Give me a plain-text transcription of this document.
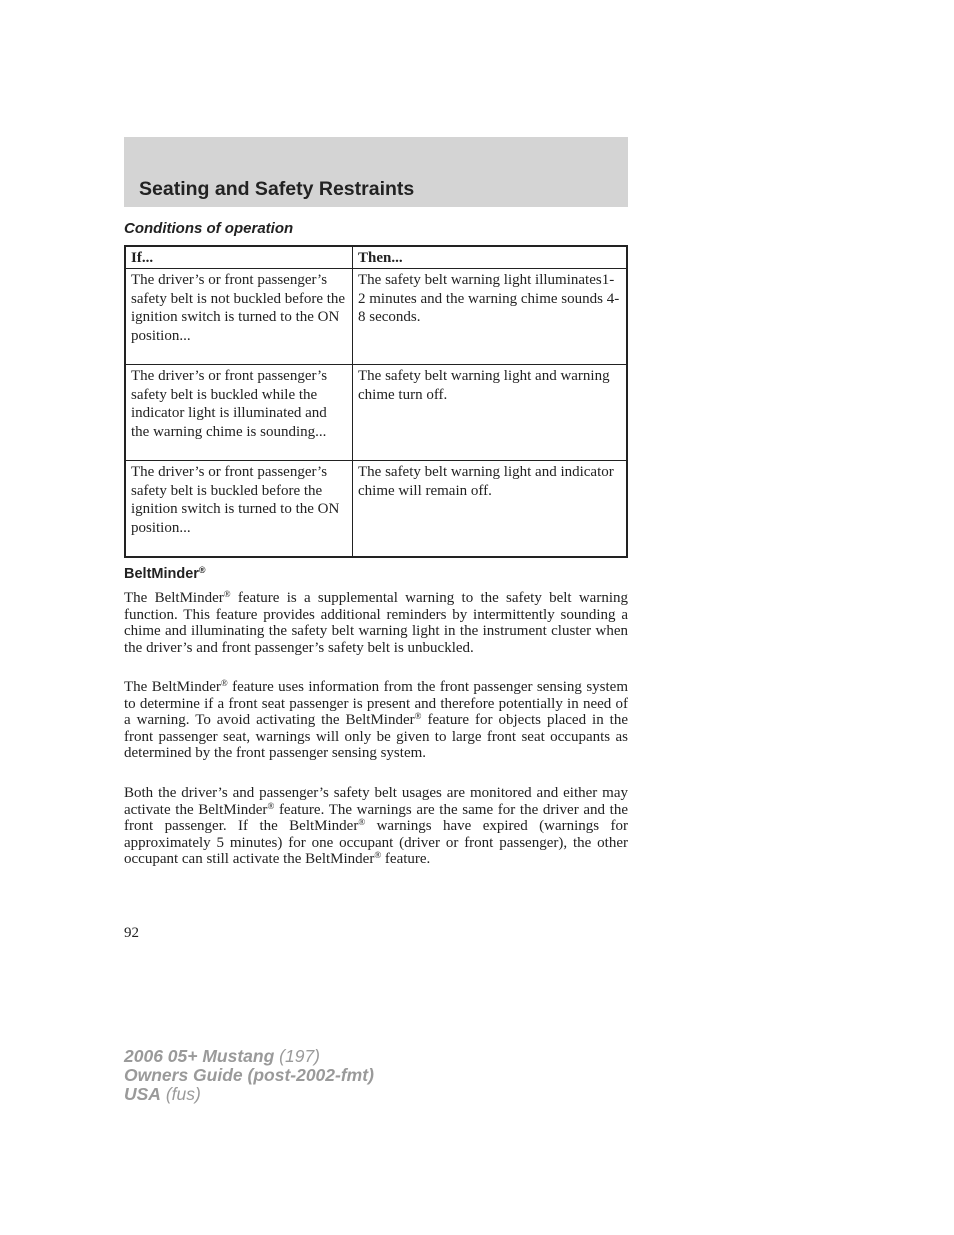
Seating and Safety Restraints
Conditions of operation
If...	Then...
The driver’s or front passenger’s safety belt is not buckled before the ignition switch is turned to the ON position...	The safety belt warning light illuminates1-2 minutes and the warning chime sounds 4-8 seconds.
The driver’s or front passenger’s safety belt is buckled while the indicator light is illuminated and the warning chime is sounding...	The safety belt warning light and warning chime turn off.
The driver’s or front passenger’s safety belt is buckled before the ignition switch is turned to the ON position...	The safety belt warning light and indicator chime will remain off.
BeltMinder®

The BeltMinder® feature is a supplemental warning to the safety belt warning function. This feature provides additional reminders by intermittently sounding a chime and illuminating the safety belt warning light in the instrument cluster when the driver’s and front passenger’s safety belt is unbuckled.

The BeltMinder® feature uses information from the front passenger sensing system to determine if a front seat passenger is present and therefore potentially in need of a warning. To avoid activating the BeltMinder® feature for objects placed in the front passenger seat, warnings will only be given to large front seat occupants as determined by the front passenger sensing system.

Both the driver’s and passenger’s safety belt usages are monitored and either may activate the BeltMinder® feature. The warnings are the same for the driver and the front passenger. If the BeltMinder® warnings have expired (warnings for approximately 5 minutes) for one occupant (driver or front passenger), the other occupant can still activate the BeltMinder® feature.

92
2006 05+ Mustang (197)
Owners Guide (post-2002-fmt)
USA (fus)
